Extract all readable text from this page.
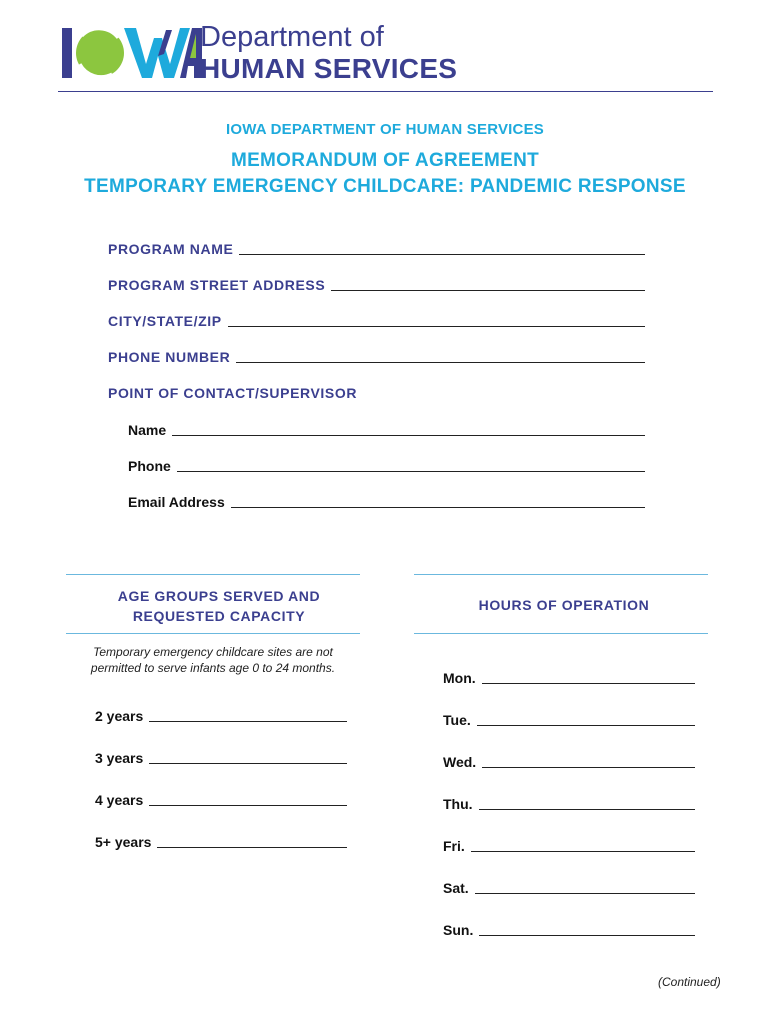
IOWA	Department of
HUMAN SERVICES
IOWA DEPARTMENT OF HUMAN SERVICES
MEMORANDUM OF AGREEMENT
TEMPORARY EMERGENCY CHILDCARE: PANDEMIC RESPONSE
PROGRAM NAME
PROGRAM STREET ADDRESS
CITY/STATE/ZIP
PHONE NUMBER
POINT OF CONTACT/SUPERVISOR
Name
Phone
Email Address
AGE GROUPS SERVED AND
REQUESTED CAPACITY
Temporary emergency childcare sites are not
permitted to serve infants age 0 to 24 months.
2 years
3 years
4 years
5+ years
HOURS OF OPERATION
Mon.
Tue.
Wed.
Thu.
Fri.
Sat.
Sun.
(Continued)
